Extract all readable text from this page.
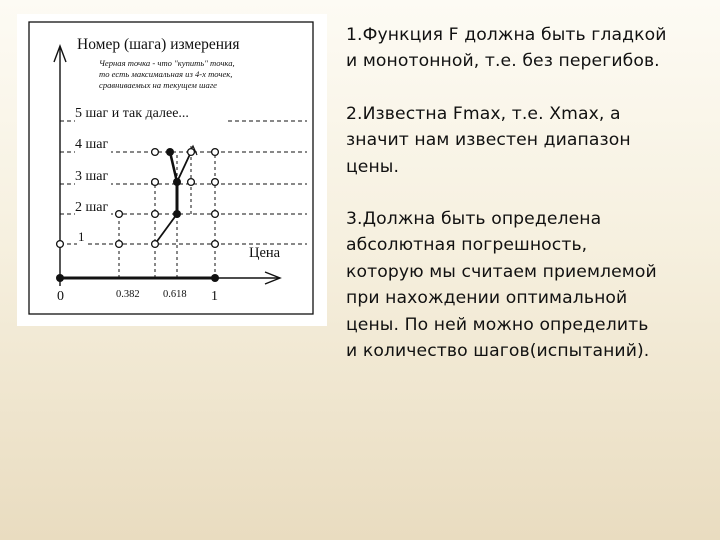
Номер (шага) измерения
Цена
Черная точка - что "купить" точка,
то есть максимальная из 4-х точек,
сравниваемых на текущем шаге
0
1
2 шаг
3 шаг
4 шаг
5 шаг и так далее...
0.382 0.618 1

1.Функция F должна быть гладкой
и монотонной, т.е. без перегибов.

2.Известна Fmax, т.е. Xmax, а
значит нам известен диапазон
цены.

3.Должна быть определена
абсолютная погрешность,
которую мы считаем приемлемой
при нахождении оптимальной
цены. По ней можно определить
и количество шагов(испытаний).
